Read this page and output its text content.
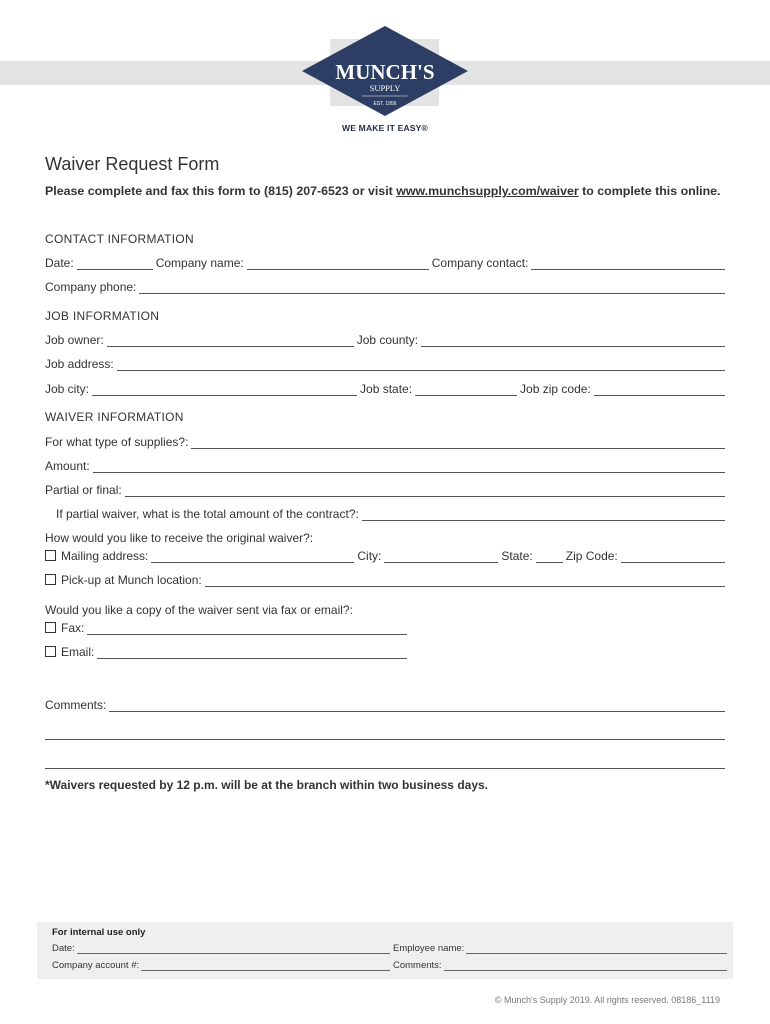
MUNCH'S
SUPPLY
EST. 1956
WE MAKE IT EASY®
Waiver Request Form
Please complete and fax this form to (815) 207-6523 or visit www.munchsupply.com/waiver to complete this online.
CONTACT INFORMATION
Date:	Company name:	Company contact:
Company phone:
JOB INFORMATION
Job owner:	Job county:
Job address:
Job city:	Job state:	Job zip code:
WAIVER INFORMATION
For what type of supplies?:
Amount:
Partial or final:
If partial waiver, what is the total amount of the contract?:
How would you like to receive the original waiver?:
Mailing address:	City:	State:	Zip Code:
Pick-up at Munch location:
Would you like a copy of the waiver sent via fax or email?:
Fax:
Email:
Comments:
*Waivers requested by 12 p.m. will be at the branch within two business days.
For internal use only
Date:	Employee name:
Company account #:	Comments:
© Munch's Supply 2019. All rights reserved. 08186_1119
